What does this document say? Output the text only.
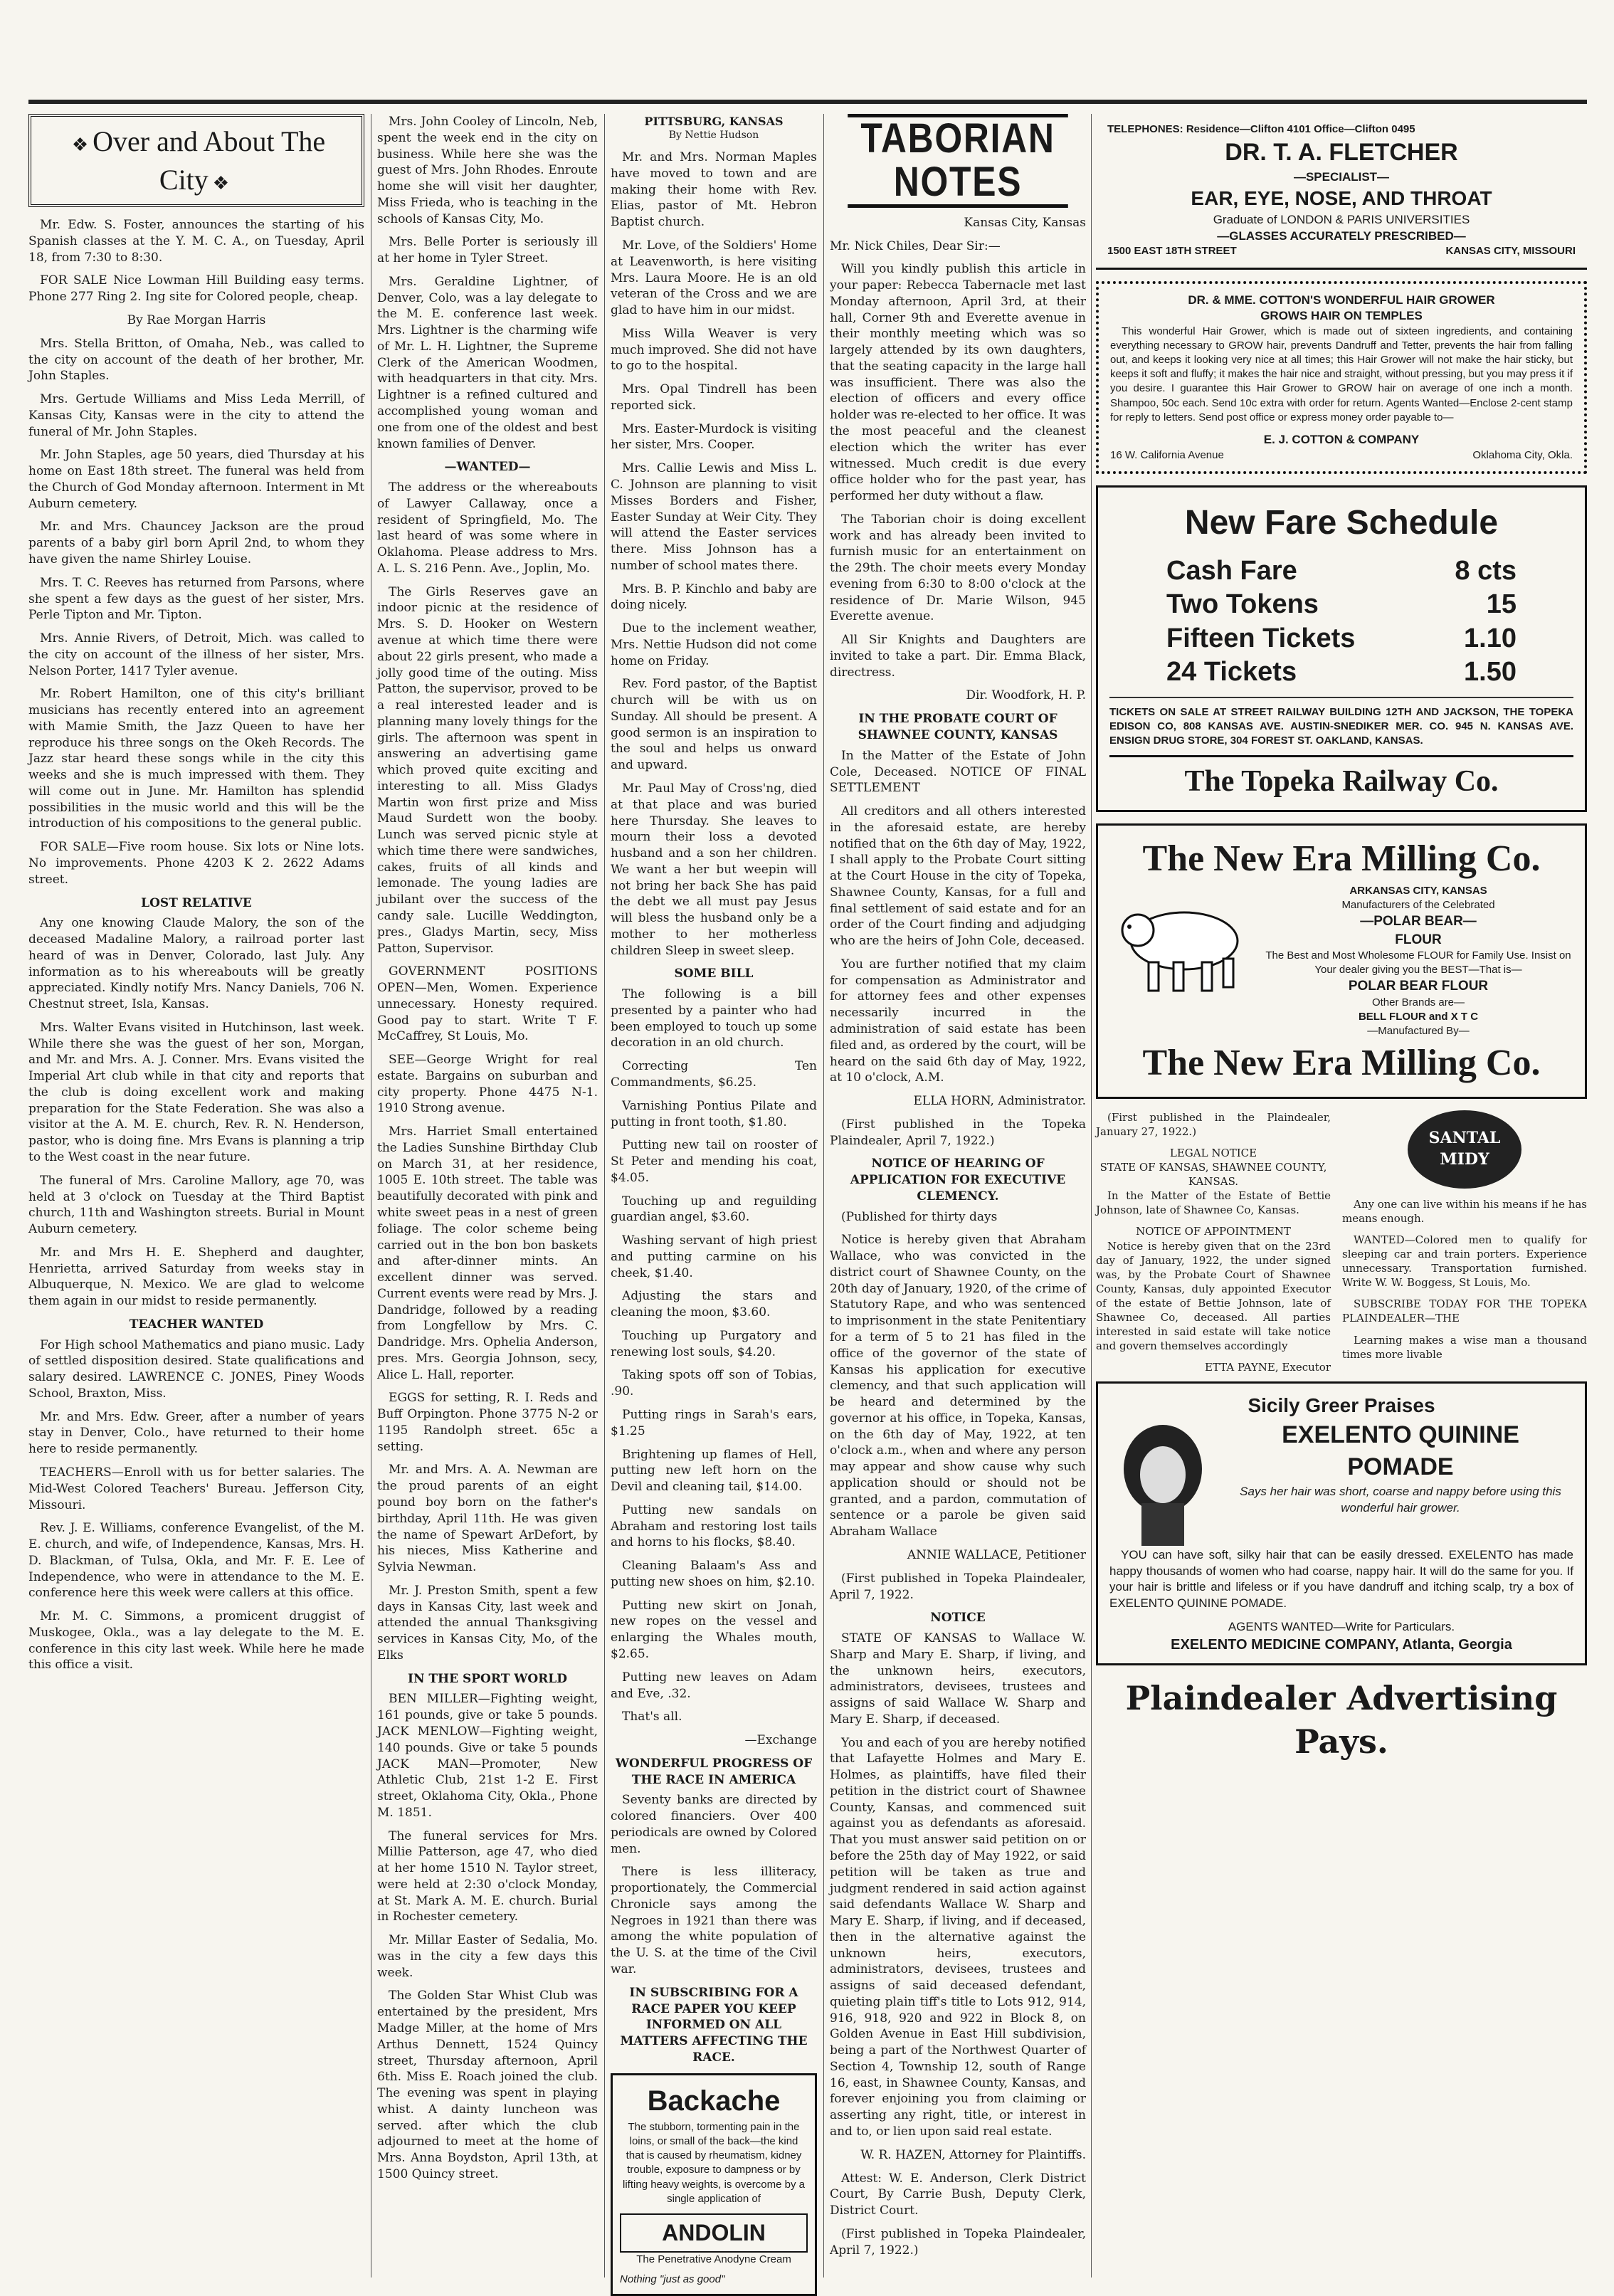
❖ Over and About The City ❖

Mr. Edw. S. Foster, announces the starting of his Spanish classes at the Y. M. C. A., on Tuesday, April 18, from 7:30 to 8:30.

FOR SALE Nice Lowman Hill Building easy terms. Phone 277 Ring 2. Ing site for Colored people, cheap.

By Rae Morgan Harris

Mrs. Stella Britton, of Omaha, Neb., was called to the city on account of the death of her brother, Mr. John Staples.

Mrs. Gertude Williams and Miss Leda Merrill, of Kansas City, Kansas were in the city to attend the funeral of Mr. John Staples.

Mr. John Staples, age 50 years, died Thursday at his home on East 18th street. The funeral was held from the Church of God Monday afternoon. Interment in Mt Auburn cemetery.

Mr. and Mrs. Chauncey Jackson are the proud parents of a baby girl born April 2nd, to whom they have given the name Shirley Louise.

Mrs. T. C. Reeves has returned from Parsons, where she spent a few days as the guest of her sister, Mrs. Perle Tipton and Mr. Tipton.

Mrs. Annie Rivers, of Detroit, Mich. was called to the city on account of the illness of her sister, Mrs. Nelson Porter, 1417 Tyler avenue.

Mr. Robert Hamilton, one of this city's brilliant musicians has recently entered into an agreement with Mamie Smith, the Jazz Queen to have her reproduce his three songs on the Okeh Records. The Jazz star heard these songs while in the city this weeks and she is much impressed with them. They will come out in June. Mr. Hamilton has splendid possibilities in the music world and this will be the introduction of his compositions to the general public.

FOR SALE—Five room house. Six lots or Nine lots. No improvements. Phone 4203 K 2. 2622 Adams street.

LOST RELATIVE

Any one knowing Claude Malory, the son of the deceased Madaline Malory, a railroad porter last heard of was in Denver, Colorado, last July. Any information as to his whereabouts will be greatly appreciated. Kindly notify Mrs. Nancy Daniels, 706 N. Chestnut street, Isla, Kansas.

Mrs. Walter Evans visited in Hutchinson, last week. While there she was the guest of her son, Morgan, and Mr. and Mrs. A. J. Conner. Mrs. Evans visited the Imperial Art club while in that city and reports that the club is doing excellent work and making preparation for the State Federation. She was also a visitor at the A. M. E. church, Rev. R. N. Henderson, pastor, who is doing fine. Mrs Evans is planning a trip to the West coast in the near future.

The funeral of Mrs. Caroline Mallory, age 70, was held at 3 o'clock on Tuesday at the Third Baptist church, 11th and Washington streets. Burial in Mount Auburn cemetery.

Mr. and Mrs H. E. Shepherd and daughter, Henrietta, arrived Saturday from weeks stay in Albuquerque, N. Mexico. We are glad to welcome them again in our midst to reside permanently.

TEACHER WANTED

For High school Mathematics and piano music. Lady of settled disposition desired. State qualifications and salary desired. LAWRENCE C. JONES, Piney Woods School, Braxton, Miss.

Mr. and Mrs. Edw. Greer, after a number of years stay in Denver, Colo., have returned to their home here to reside permanently.

TEACHERS—Enroll with us for better salaries. The Mid-West Colored Teachers' Bureau. Jefferson City, Missouri.

Rev. J. E. Williams, conference Evangelist, of the M. E. church, and wife, of Independence, Kansas, Mrs. H. D. Blackman, of Tulsa, Okla, and Mr. F. E. Lee of Independence, who were in attendance to the M. E. conference here this week were callers at this office.

Mr. M. C. Simmons, a promicent druggist of Muskogee, Okla., was a lay delegate to the M. E. conference in this city last week. While here he made this office a visit.

Mrs. John Cooley of Lincoln, Neb, spent the week end in the city on business. While here she was the guest of Mrs. John Rhodes. Enroute home she will visit her daughter, Miss Frieda, who is teaching in the schools of Kansas City, Mo.

Mrs. Belle Porter is seriously ill at her home in Tyler Street.

Mrs. Geraldine Lightner, of Denver, Colo, was a lay delegate to the M. E. conference last week. Mrs. Lightner is the charming wife of Mr. L. H. Lightner, the Supreme Clerk of the American Woodmen, with headquarters in that city. Mrs. Lightner is a refined cultured and accomplished young woman and one from one of the oldest and best known families of Denver.

—WANTED—

The address or the whereabouts of Lawyer Callaway, once a resident of Springfield, Mo. The last heard of was some where in Oklahoma. Please address to Mrs. A. L. S. 216 Penn. Ave., Joplin, Mo.

The Girls Reserves gave an indoor picnic at the residence of Mrs. S. D. Hooker on Western avenue at which time there were about 22 girls present, who made a jolly good time of the outing. Miss Patton, the supervisor, proved to be a real interested leader and is planning many lovely things for the girls. The afternoon was spent in answering an advertising game which proved quite exciting and interesting to all. Miss Gladys Martin won first prize and Miss Maud Surdett won the booby. Lunch was served picnic style at which time there were sandwiches, cakes, fruits of all kinds and lemonade. The young ladies are jubilant over the success of the candy sale. Lucille Weddington, pres., Gladys Martin, secy, Miss Patton, Supervisor.

GOVERNMENT POSITIONS OPEN—Men, Women. Experience unnecessary. Honesty required. Good pay to start. Write T F. McCaffrey, St Louis, Mo.

SEE—George Wright for real estate. Bargains on suburban and city property. Phone 4475 N-1. 1910 Strong avenue.

Mrs. Harriet Small entertained the Ladies Sunshine Birthday Club on March 31, at her residence, 1005 E. 10th street. The table was beautifully decorated with pink and white sweet peas in a nest of green foliage. The color scheme being carried out in the bon bon baskets and after-dinner mints. An excellent dinner was served. Current events were read by Mrs. J. Dandridge, followed by a reading from Longfellow by Mrs. C. Dandridge. Mrs. Ophelia Anderson, pres. Mrs. Georgia Johnson, secy, Alice L. Hall, reporter.

EGGS for setting, R. I. Reds and Buff Orpington. Phone 3775 N-2 or 1195 Randolph street. 65c a setting.

Mr. and Mrs. A. A. Newman are the proud parents of an eight pound boy born on the father's birthday, April 11th. He was given the name of Spewart ArDefort, by his nieces, Miss Katherine and Sylvia Newman.

Mr. J. Preston Smith, spent a few days in Kansas City, last week and attended the annual Thanksgiving services in Kansas City, Mo, of the Elks

IN THE SPORT WORLD

BEN MILLER—Fighting weight, 161 pounds, give or take 5 pounds. JACK MENLOW—Fighting weight, 140 pounds. Give or take 5 pounds JACK MAN—Promoter, New Athletic Club, 21st 1-2 E. First street, Oklahoma City, Okla., Phone M. 1851.

The funeral services for Mrs. Millie Patterson, age 47, who died at her home 1510 N. Taylor street, were held at 2:30 o'clock Monday, at St. Mark A. M. E. church. Burial in Rochester cemetery.

Mr. Millar Easter of Sedalia, Mo. was in the city a few days this week.

The Golden Star Whist Club was entertained by the president, Mrs Madge Miller, at the home of Mrs Arthus Dennett, 1524 Quincy street, Thursday afternoon, April 6th. Miss E. Roach joined the club. The evening was spent in playing whist. A dainty luncheon was served. after which the club adjourned to meet at the home of Mrs. Anna Boydston, April 13th, at 1500 Quincy street.

PITTSBURG, KANSAS
By Nettie Hudson

Mr. and Mrs. Norman Maples have moved to town and are making their home with Rev. Elias, pastor of Mt. Hebron Baptist church.

Mr. Love, of the Soldiers' Home at Leavenworth, is here visiting Mrs. Laura Moore. He is an old veteran of the Cross and we are glad to have him in our midst.

Miss Willa Weaver is very much improved. She did not have to go to the hospital.

Mrs. Opal Tindrell has been reported sick.

Mrs. Easter-Murdock is visiting her sister, Mrs. Cooper.

Mrs. Callie Lewis and Miss L. C. Johnson are planning to visit Misses Borders and Fisher, Easter Sunday at Weir City. They will attend the Easter services there. Miss Johnson has a number of school mates there.

Mrs. B. P. Kinchlo and baby are doing nicely.

Due to the inclement weather, Mrs. Nettie Hudson did not come home on Friday.

Rev. Ford pastor, of the Baptist church will be with us on Sunday. All should be present. A good sermon is an inspiration to the soul and helps us onward and upward.

Mr. Paul May of Cross'ng, died at that place and was buried here Thursday. She leaves to mourn their loss a devoted husband and a son her children. We want a her but weepin will not bring her back She has paid the debt we all must pay Jesus will bless the husband only be a mother to her motherless children Sleep in sweet sleep.

SOME BILL

The following is a bill presented by a painter who had been employed to touch up some decoration in an old church.

Correcting Ten Commandments, $6.25.

Varnishing Pontius Pilate and putting in front tooth, $1.80.

Putting new tail on rooster of St Peter and mending his coat, $4.05.

Touching up and reguilding guardian angel, $3.60.

Washing servant of high priest and putting carmine on his cheek, $1.40.

Adjusting the stars and cleaning the moon, $3.60.

Touching up Purgatory and renewing lost souls, $4.20.

Taking spots off son of Tobias, .90.

Putting rings in Sarah's ears, $1.25

Brightening up flames of Hell, putting new left horn on the Devil and cleaning tail, $14.00.

Putting new sandals on Abraham and restoring lost tails and horns to his flocks, $8.40.

Cleaning Balaam's Ass and putting new shoes on him, $2.10.

Putting new skirt on Jonah, new ropes on the vessel and enlarging the Whales mouth, $2.65.

Putting new leaves on Adam and Eve, .32.

That's all.

—Exchange

WONDERFUL PROGRESS OF THE RACE IN AMERICA

Seventy banks are directed by colored financiers. Over 400 periodicals are owned by Colored men.

There is less illiteracy, proportionately, the Commercial Chronicle says among the Negroes in 1921 than there was among the white population of the U. S. at the time of the Civil war.

IN SUBSCRIBING FOR A RACE PAPER YOU KEEP INFORMED ON ALL MATTERS AFFECTING THE RACE.

Backache

The stubborn, tormenting pain in the loins, or small of the back—the kind that is caused by rheumatism, kidney trouble, exposure to dampness or by lifting heavy weights, is overcome by a single application of

ANDOLIN
The Penetrative Anodyne Cream
Nothing "just as good"
TABORIAN NOTES

Kansas City, Kansas

Mr. Nick Chiles, Dear Sir:—

Will you kindly publish this article in your paper: Rebecca Tabernacle met last Monday afternoon, April 3rd, at their hall, Corner 9th and Everette avenue in their monthly meeting which was so largely attended by its own daughters, that the seating capacity in the large hall was insufficient. There was also the election of officers and every office holder was re-elected to her office. It was the most peaceful and the cleanest election which the writer has ever witnessed. Much credit is due every office holder who for the past year, has performed her duty without a flaw.

The Taborian choir is doing excellent work and has already been invited to furnish music for an entertainment on the 29th. The choir meets every Monday evening from 6:30 to 8:00 o'clock at the residence of Dr. Marie Wilson, 945 Everette avenue.

All Sir Knights and Daughters are invited to take a part. Dir. Emma Black, directress.

Dir. Woodfork, H. P.

IN THE PROBATE COURT OF SHAWNEE COUNTY, KANSAS

In the Matter of the Estate of John Cole, Deceased. NOTICE OF FINAL SETTLEMENT

All creditors and all others interested in the aforesaid estate, are hereby notified that on the 6th day of May, 1922, I shall apply to the Probate Court sitting at the Court House in the city of Topeka, Shawnee County, Kansas, for a full and final settlement of said estate and for an order of the Court finding and adjudging who are the heirs of John Cole, deceased.

You are further notified that my claim for compensation as Administrator and for attorney fees and other expenses necessarily incurred in the administration of said estate has been filed and, as ordered by the court, will be heard on the said 6th day of May, 1922, at 10 o'clock, A.M.

ELLA HORN, Administrator.

(First published in the Topeka Plaindealer, April 7, 1922.)

NOTICE OF HEARING OF APPLICATION FOR EXECUTIVE CLEMENCY.

(Published for thirty days

Notice is hereby given that Abraham Wallace, who was convicted in the district court of Shawnee County, on the 20th day of January, 1920, of the crime of Statutory Rape, and who was sentenced to imprisonment in the state Penitentiary for a term of 5 to 21 has filed in the office of the governor of the state of Kansas his application for executive clemency, and that such application will be heard and determined by the governor at his office, in Topeka, Kansas, on the 6th day of May, 1922, at ten o'clock a.m., when and where any person may appear and show cause why such application should or should not be granted, and a pardon, commutation of sentence or a parole be given said Abraham Wallace

ANNIE WALLACE, Petitioner

(First published in Topeka Plaindealer, April 7, 1922.

NOTICE

STATE OF KANSAS to Wallace W. Sharp and Mary E. Sharp, if living, and the unknown heirs, executors, administrators, devisees, trustees and assigns of said Wallace W. Sharp and Mary E. Sharp, if deceased.

You and each of you are hereby notified that Lafayette Holmes and Mary E. Holmes, as plaintiffs, have filed their petition in the district court of Shawnee County, Kansas, and commenced suit against you as defendants as aforesaid. That you must answer said petition on or before the 25th day of May 1922, or said petition will be taken as true and judgment rendered in said action against said defendants Wallace W. Sharp and Mary E. Sharp, if living, and if deceased, then in the alternative against the unknown heirs, executors, administrators, devisees, trustees and assigns of said deceased defendant, quieting plain tiff's title to Lots 912, 914, 916, 918, 920 and 922 in Block 8, on Golden Avenue in East Hill subdivision, being a part of the Northwest Quarter of Section 4, Township 12, south of Range 16, east, in Shawnee County, Kansas, and forever enjoining you from claiming or asserting any right, title, or interest in and to, or lien upon said real estate.

W. R. HAZEN, Attorney for Plaintiffs.

Attest: W. E. Anderson, Clerk District Court, By Carrie Bush, Deputy Clerk, District Court.

(First published in Topeka Plaindealer, April 7, 1922.)

TELEPHONES: Residence—Clifton 4101 Office—Clifton 0495
DR. T. A. FLETCHER
—SPECIALIST—
EAR, EYE, NOSE, AND THROAT
Graduate of LONDON & PARIS UNIVERSITIES
—GLASSES ACCURATELY PRESCRIBED—
1500 EAST 18TH STREET	KANSAS CITY, MISSOURI
DR. & MME. COTTON'S WONDERFUL HAIR GROWER
GROWS HAIR ON TEMPLES

This wonderful Hair Grower, which is made out of sixteen ingredients, and containing everything necessary to GROW hair, prevents Dandruff and Tetter, prevents the hair from falling out, and keeps it looking very nice at all times; this Hair Grower will not make the hair sticky, but keeps it soft and fluffy; it makes the hair nice and straight, without pressing, but you may press it if you desire. I guarantee this Hair Grower to GROW hair on average of one inch a month. Shampoo, 50c each. Send 10c extra with order for return. Agents Wanted—Enclose 2-cent stamp for reply to letters. Send post office or express money order payable to—

E. J. COTTON & COMPANY
16 W. California Avenue	Oklahoma City, Okla.
New Fare Schedule
Cash Fare	8 cts
Two Tokens	15
Fifteen Tickets	1.10
24 Tickets	1.50

TICKETS ON SALE AT STREET RAILWAY BUILDING 12TH AND JACKSON, THE TOPEKA EDISON CO, 808 KANSAS AVE. AUSTIN-SNEDIKER MER. CO. 945 N. KANSAS AVE. ENSIGN DRUG STORE, 304 FOREST ST. OAKLAND, KANSAS.

The Topeka Railway Co.
The New Era Milling Co.
ARKANSAS CITY, KANSAS
Manufacturers of the Celebrated
—POLAR BEAR—
FLOUR
The Best and Most Wholesome FLOUR for Family Use. Insist on Your dealer giving you the BEST—That is—
POLAR BEAR FLOUR
Other Brands are—
BELL FLOUR and X T C
—Manufactured By—
The New Era Milling Co.

(First published in the Plaindealer, January 27, 1922.)

LEGAL NOTICE
STATE OF KANSAS, SHAWNEE COUNTY, KANSAS.

In the Matter of the Estate of Bettie Johnson, late of Shawnee Co, Kansas.

NOTICE OF APPOINTMENT

Notice is hereby given that on the 23rd day of January, 1922, the under signed was, by the Probate Court of Shawnee County, Kansas, duly appointed Executor of the estate of Bettie Johnson, late of Shawnee Co, deceased. All parties interested in said estate will take notice and govern themselves accordingly

ETTA PAYNE, Executor

SANTAL MIDY

Any one can live within his means if he has means enough.

WANTED—Colored men to qualify for sleeping car and train porters. Experience unnecessary. Transportation furnished. Write W. W. Boggess, St Louis, Mo.

SUBSCRIBE TODAY FOR THE TOPEKA PLAINDEALER—THE

Learning makes a wise man a thousand times more livable

Sicily Greer Praises
EXELENTO QUININE POMADE

Says her hair was short, coarse and nappy before using this wonderful hair grower.

YOU can have soft, silky hair that can be easily dressed. EXELENTO has made happy thousands of women who had coarse, nappy hair. It will do the same for you. If your hair is brittle and lifeless or if you have dandruff and itching scalp, try a box of EXELENTO QUININE POMADE.

AGENTS WANTED—Write for Particulars.
EXELENTO MEDICINE COMPANY, Atlanta, Georgia
Plaindealer Advertising Pays.
